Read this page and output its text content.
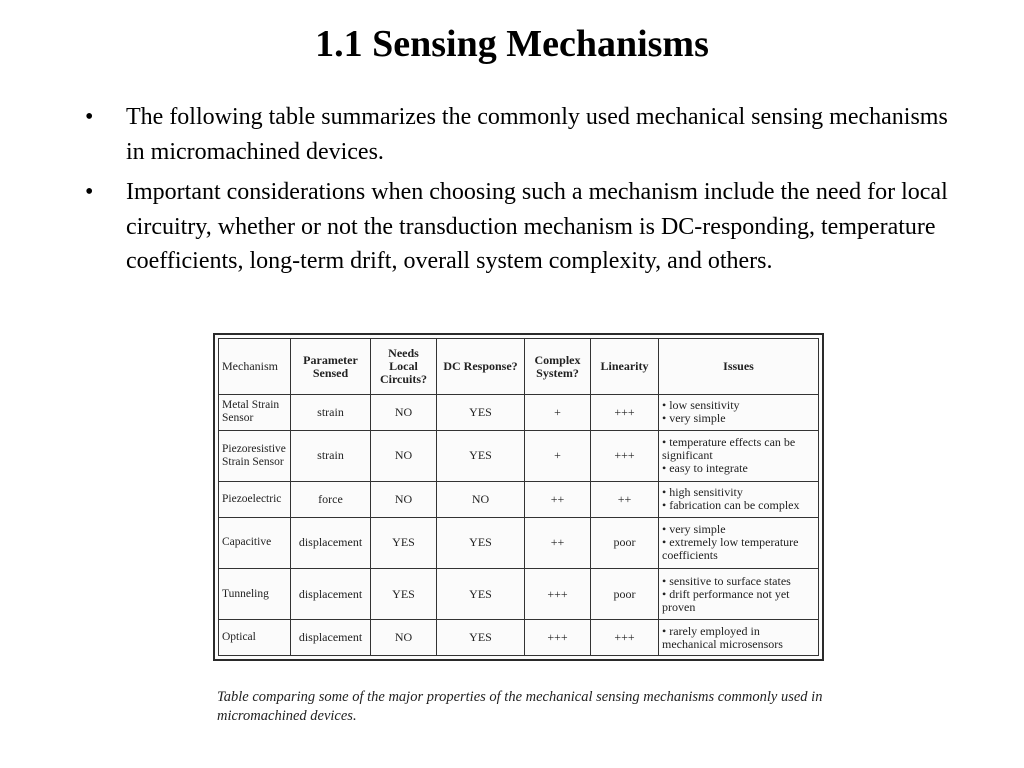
1.1 Sensing Mechanisms
• The following table summarizes the commonly used mechanical sensing mechanisms in micromachined devices.
• Important considerations when choosing such a mechanism include the need for local circuitry, whether or not the transduction mechanism is DC-responding, temperature coefficients, long-term drift, overall system complexity, and others.
Mechanism	Parameter Sensed	Needs Local Circuits?	DC Response?	Complex System?	Linearity	Issues
Metal Strain Sensor	strain	NO	YES	+	+++	• low sensitivity
• very simple

Piezoresistive Strain Sensor	strain	NO	YES	+	+++	• temperature effects can be significant
• easy to integrate

Piezoelectric	force	NO	NO	++	++	• high sensitivity
• fabrication can be complex

Capacitive	displacement	YES	YES	++	poor	• very simple
• extremely low temperature coefficients

Tunneling	displacement	YES	YES	+++	poor	• sensitive to surface states
• drift performance not yet proven

Optical	displacement	NO	YES	+++	+++	• rarely employed in mechanical microsensors
Table comparing some of the major properties of the mechanical sensing mechanisms commonly used in micromachined devices.
